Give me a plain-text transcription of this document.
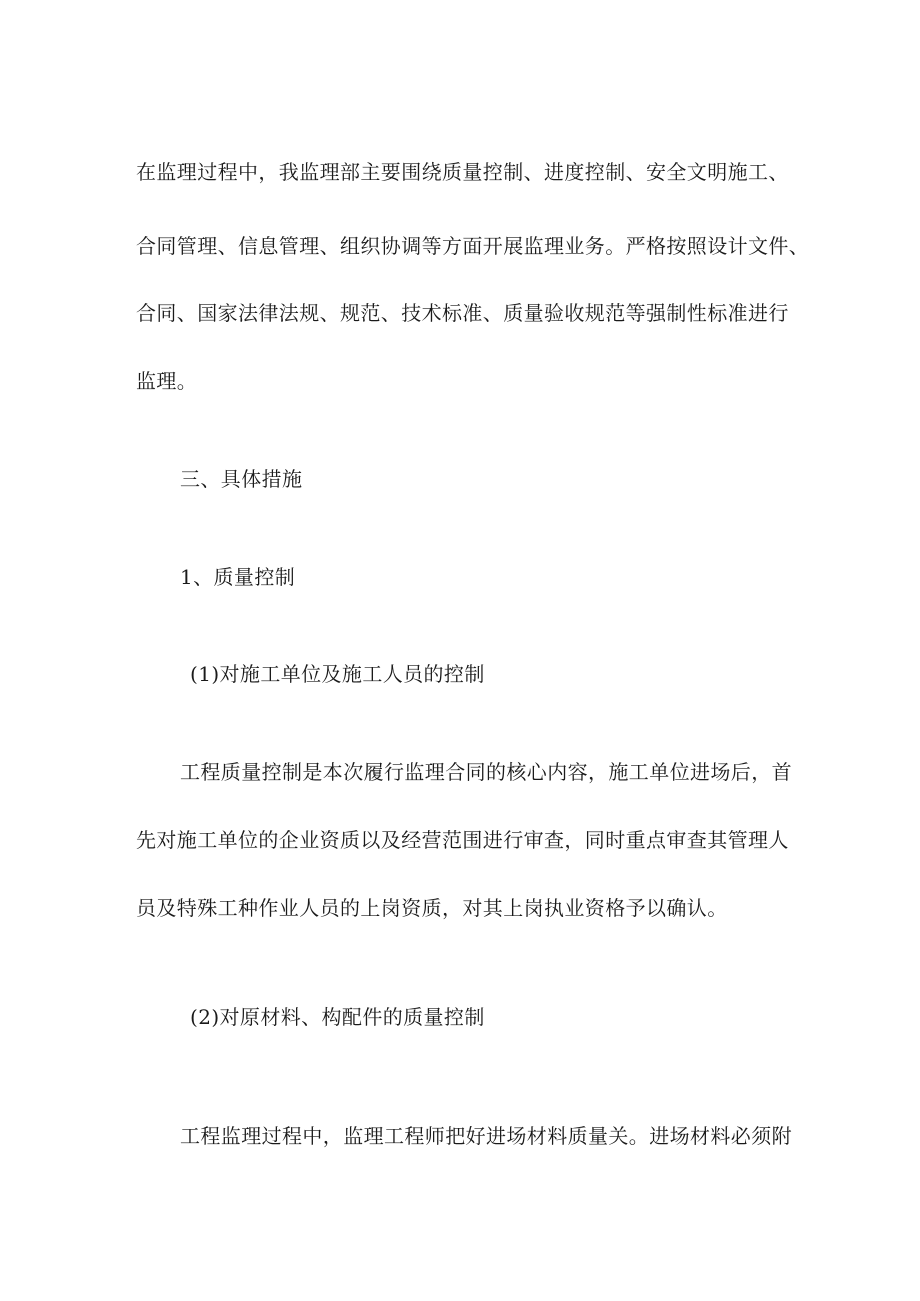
在监理过程中，我监理部主要围绕质量控制、进度控制、安全文明施工、
合同管理、信息管理、组织协调等方面开展监理业务。严格按照设计文件、
合同、国家法律法规、规范、技术标准、质量验收规范等强制性标准进行
监理。
三、具体措施
1、质量控制
(1)对施工单位及施工人员的控制
工程质量控制是本次履行监理合同的核心内容，施工单位进场后，首
先对施工单位的企业资质以及经营范围进行审查，同时重点审查其管理人
员及特殊工种作业人员的上岗资质，对其上岗执业资格予以确认。
(2)对原材料、构配件的质量控制
工程监理过程中，监理工程师把好进场材料质量关。进场材料必须附
